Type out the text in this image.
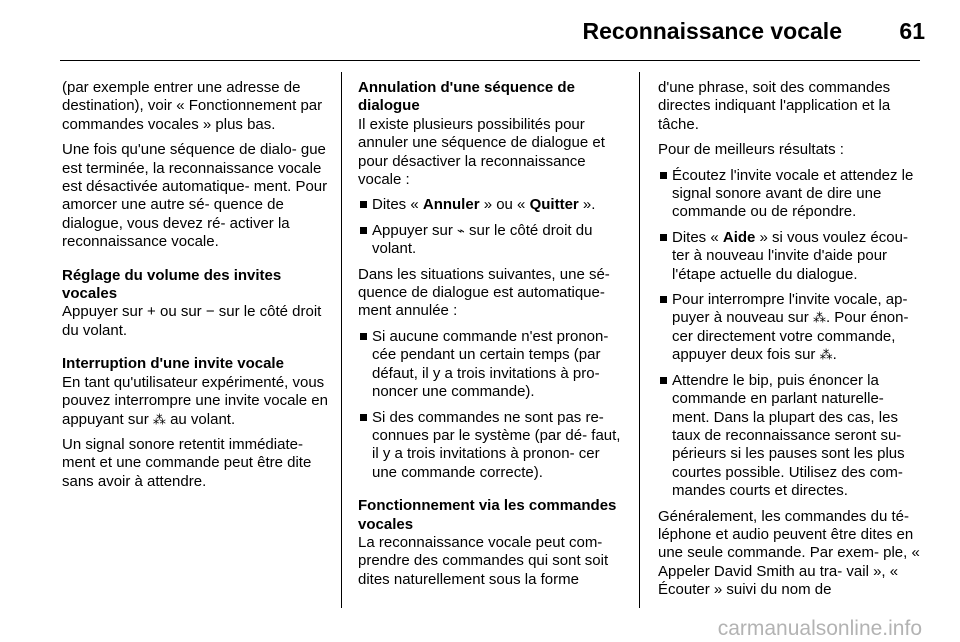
Reconnaissance vocale 61

(par exemple entrer une adresse de destination), voir « Fonctionnement par commandes vocales » plus bas.

Une fois qu'une séquence de dialo- gue est terminée, la reconnaissance vocale est désactivée automatique- ment. Pour amorcer une autre sé- quence de dialogue, vous devez ré- activer la reconnaissance vocale.

Réglage du volume des invites vocales

Appuyer sur + ou sur − sur le côté droit du volant.

Interruption d'une invite vocale

En tant qu'utilisateur expérimenté, vous pouvez interrompre une invite vocale en appuyant sur ⁂ au volant.

Un signal sonore retentit immédiate- ment et une commande peut être dite sans avoir à attendre.

Annulation d'une séquence de dialogue

Il existe plusieurs possibilités pour annuler une séquence de dialogue et pour désactiver la reconnaissance vocale :

Dites « Annuler » ou « Quitter ».
Appuyer sur ⌁ sur le côté droit du volant.

Dans les situations suivantes, une sé- quence de dialogue est automatique- ment annulée :

Si aucune commande n'est pronon- cée pendant un certain temps (par défaut, il y a trois invitations à pro- noncer une commande).
Si des commandes ne sont pas re- connues par le système (par dé- faut, il y a trois invitations à pronon- cer une commande correcte).
Fonctionnement via les commandes vocales

La reconnaissance vocale peut com- prendre des commandes qui sont soit dites naturellement sous la forme

d'une phrase, soit des commandes directes indiquant l'application et la tâche.

Pour de meilleurs résultats :

Écoutez l'invite vocale et attendez le signal sonore avant de dire une commande ou de répondre.
Dites « Aide » si vous voulez écou- ter à nouveau l'invite d'aide pour l'étape actuelle du dialogue.
Pour interrompre l'invite vocale, ap- puyer à nouveau sur ⁂. Pour énon- cer directement votre commande, appuyer deux fois sur ⁂.
Attendre le bip, puis énoncer la commande en parlant naturelle- ment. Dans la plupart des cas, les taux de reconnaissance seront su- périeurs si les pauses sont les plus courtes possible. Utilisez des com- mandes courts et directes.

Généralement, les commandes du té- léphone et audio peuvent être dites en une seule commande. Par exem- ple, « Appeler David Smith au tra- vail », « Écouter » suivi du nom de

carmanualsonline.info
